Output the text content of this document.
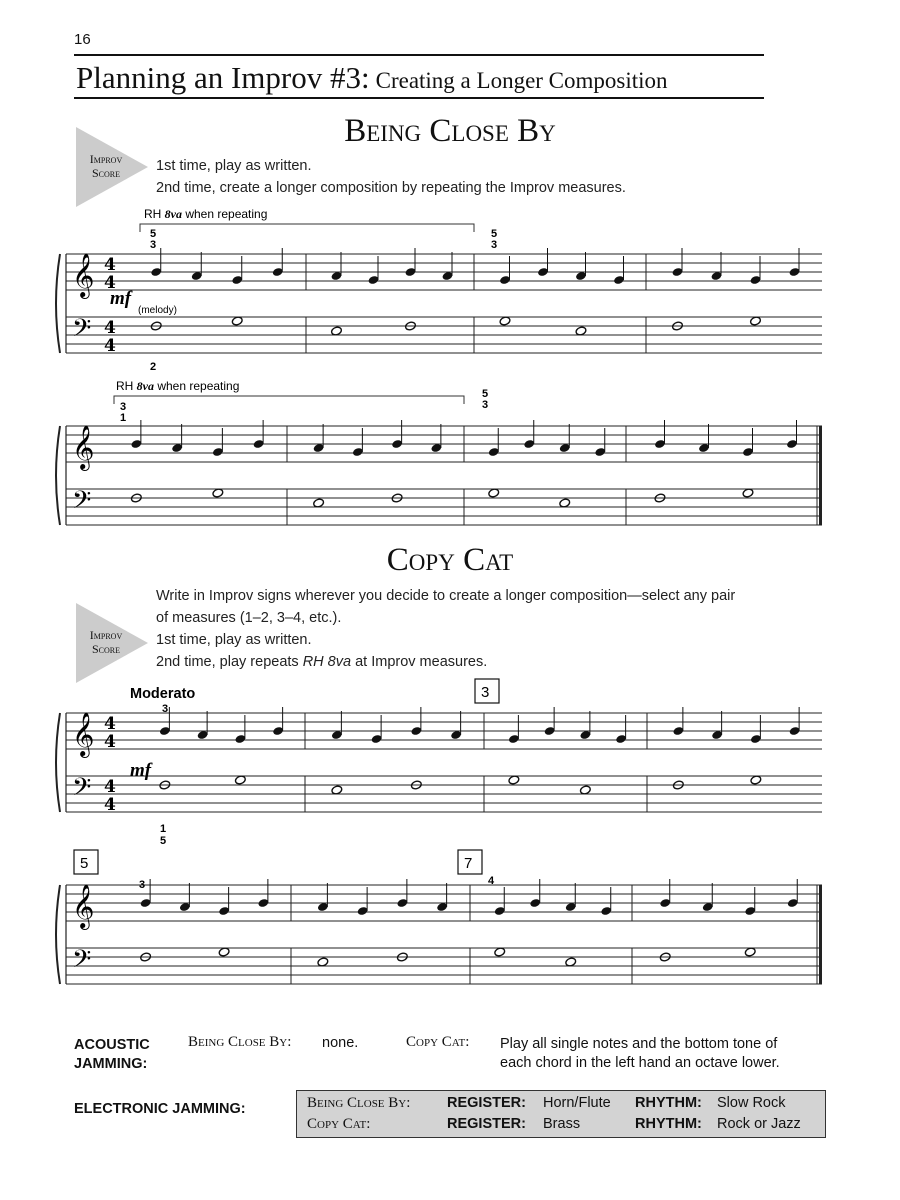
16
Planning an Improv #3: Creating a Longer Composition
Being Close By
Improv
Score	1st time, play as written.
2nd time, create a longer composition by repeating the Improv measures.
𝄞
𝄢
4
4
4
4
𝄞
𝄢
𝄞
𝄢
4
4
4
4
𝄞
𝄢
RH 8va when repeating
RH 8va when repeating
mf
(melody)
5
3
5
3
2
3
1
5
3
Moderato
mf
3
1
5
3	4
3
5	7
Copy Cat
Write in Improv signs wherever you decide to create a longer composition—select any pair
of measures (1–2, 3–4, etc.).
1st time, play as written.
2nd time, play repeats RH 8va at Improv measures.
Improv
Score
ACOUSTIC
JAMMING:
Being Close By: none.	Copy Cat: Play all single notes and the bottom tone of
each chord in the left hand an octave lower.
ELECTRONIC JAMMING:	Being Close By:	REGISTER: Horn/Flute RHYTHM: Slow Rock
Copy Cat:	REGISTER: Brass	RHYTHM: Rock or Jazz
